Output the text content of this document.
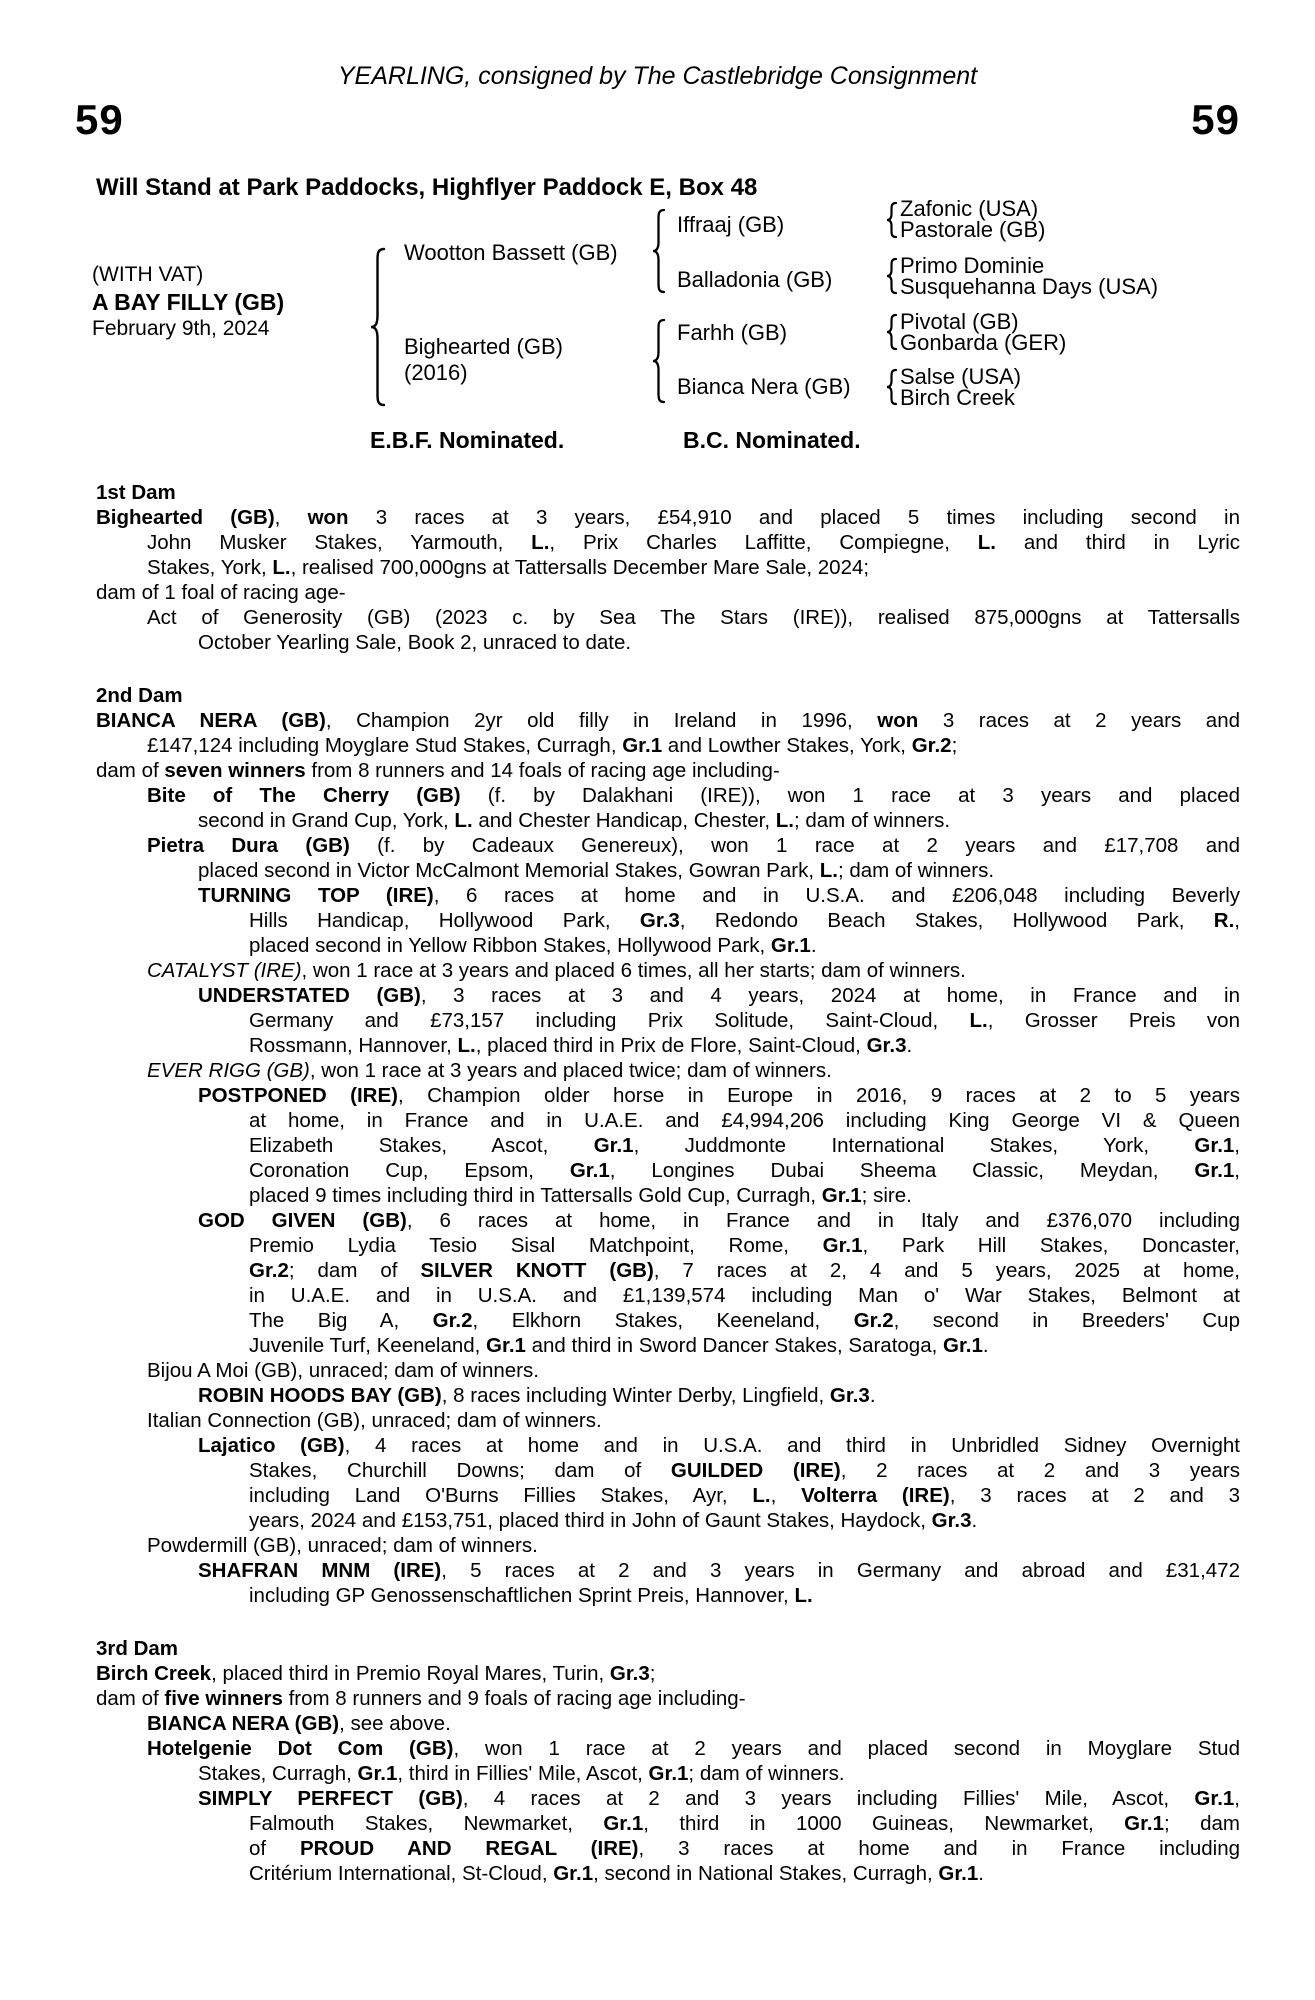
YEARLING, consigned by The Castlebridge Consignment
59	59
Will Stand at Park Paddocks, Highflyer Paddock E, Box 48
(WITH VAT)
A BAY FILLY (GB)
February 9th, 2024
Wootton Bassett (GB)
Bighearted (GB)
(2016)
Iffraaj (GB)
Balladonia (GB)
Farhh (GB)
Bianca Nera (GB)
Zafonic (USA)
Pastorale (GB)
Primo Dominie
Susquehanna Days (USA)
Pivotal (GB)
Gonbarda (GER)
Salse (USA)
Birch Creek
E.B.F. Nominated.	B.C. Nominated.
1st Dam
Bighearted (GB), won 3 races at 3 years, £54,910 and placed 5 times including second in
John Musker Stakes, Yarmouth, L., Prix Charles Laffitte, Compiegne, L. and third in Lyric
Stakes, York, L., realised 700,000gns at Tattersalls December Mare Sale, 2024;
dam of 1 foal of racing age-
Act of Generosity (GB) (2023 c. by Sea The Stars (IRE)), realised 875,000gns at Tattersalls
October Yearling Sale, Book 2, unraced to date.
2nd Dam
BIANCA NERA (GB), Champion 2yr old filly in Ireland in 1996, won 3 races at 2 years and
£147,124 including Moyglare Stud Stakes, Curragh, Gr.1 and Lowther Stakes, York, Gr.2;
dam of seven winners from 8 runners and 14 foals of racing age including-
Bite of The Cherry (GB) (f. by Dalakhani (IRE)), won 1 race at 3 years and placed
second in Grand Cup, York, L. and Chester Handicap, Chester, L.; dam of winners.
Pietra Dura (GB) (f. by Cadeaux Genereux), won 1 race at 2 years and £17,708 and
placed second in Victor McCalmont Memorial Stakes, Gowran Park, L.; dam of winners.
TURNING TOP (IRE), 6 races at home and in U.S.A. and £206,048 including Beverly
Hills Handicap, Hollywood Park, Gr.3, Redondo Beach Stakes, Hollywood Park, R.,
placed second in Yellow Ribbon Stakes, Hollywood Park, Gr.1.
CATALYST (IRE), won 1 race at 3 years and placed 6 times, all her starts; dam of winners.
UNDERSTATED (GB), 3 races at 3 and 4 years, 2024 at home, in France and in
Germany and £73,157 including Prix Solitude, Saint-Cloud, L., Grosser Preis von
Rossmann, Hannover, L., placed third in Prix de Flore, Saint-Cloud, Gr.3.
EVER RIGG (GB), won 1 race at 3 years and placed twice; dam of winners.
POSTPONED (IRE), Champion older horse in Europe in 2016, 9 races at 2 to 5 years
at home, in France and in U.A.E. and £4,994,206 including King George VI & Queen
Elizabeth Stakes, Ascot, Gr.1, Juddmonte International Stakes, York, Gr.1,
Coronation Cup, Epsom, Gr.1, Longines Dubai Sheema Classic, Meydan, Gr.1,
placed 9 times including third in Tattersalls Gold Cup, Curragh, Gr.1; sire.
GOD GIVEN (GB), 6 races at home, in France and in Italy and £376,070 including
Premio Lydia Tesio Sisal Matchpoint, Rome, Gr.1, Park Hill Stakes, Doncaster,
Gr.2; dam of SILVER KNOTT (GB), 7 races at 2, 4 and 5 years, 2025 at home,
in U.A.E. and in U.S.A. and £1,139,574 including Man o' War Stakes, Belmont at
The Big A, Gr.2, Elkhorn Stakes, Keeneland, Gr.2, second in Breeders' Cup
Juvenile Turf, Keeneland, Gr.1 and third in Sword Dancer Stakes, Saratoga, Gr.1.
Bijou A Moi (GB), unraced; dam of winners.
ROBIN HOODS BAY (GB), 8 races including Winter Derby, Lingfield, Gr.3.
Italian Connection (GB), unraced; dam of winners.
Lajatico (GB), 4 races at home and in U.S.A. and third in Unbridled Sidney Overnight
Stakes, Churchill Downs; dam of GUILDED (IRE), 2 races at 2 and 3 years
including Land O'Burns Fillies Stakes, Ayr, L., Volterra (IRE), 3 races at 2 and 3
years, 2024 and £153,751, placed third in John of Gaunt Stakes, Haydock, Gr.3.
Powdermill (GB), unraced; dam of winners.
SHAFRAN MNM (IRE), 5 races at 2 and 3 years in Germany and abroad and £31,472
including GP Genossenschaftlichen Sprint Preis, Hannover, L.
3rd Dam
Birch Creek, placed third in Premio Royal Mares, Turin, Gr.3;
dam of five winners from 8 runners and 9 foals of racing age including-
BIANCA NERA (GB), see above.
Hotelgenie Dot Com (GB), won 1 race at 2 years and placed second in Moyglare Stud
Stakes, Curragh, Gr.1, third in Fillies' Mile, Ascot, Gr.1; dam of winners.
SIMPLY PERFECT (GB), 4 races at 2 and 3 years including Fillies' Mile, Ascot, Gr.1,
Falmouth Stakes, Newmarket, Gr.1, third in 1000 Guineas, Newmarket, Gr.1; dam
of PROUD AND REGAL (IRE), 3 races at home and in France including
Critérium International, St-Cloud, Gr.1, second in National Stakes, Curragh, Gr.1.
